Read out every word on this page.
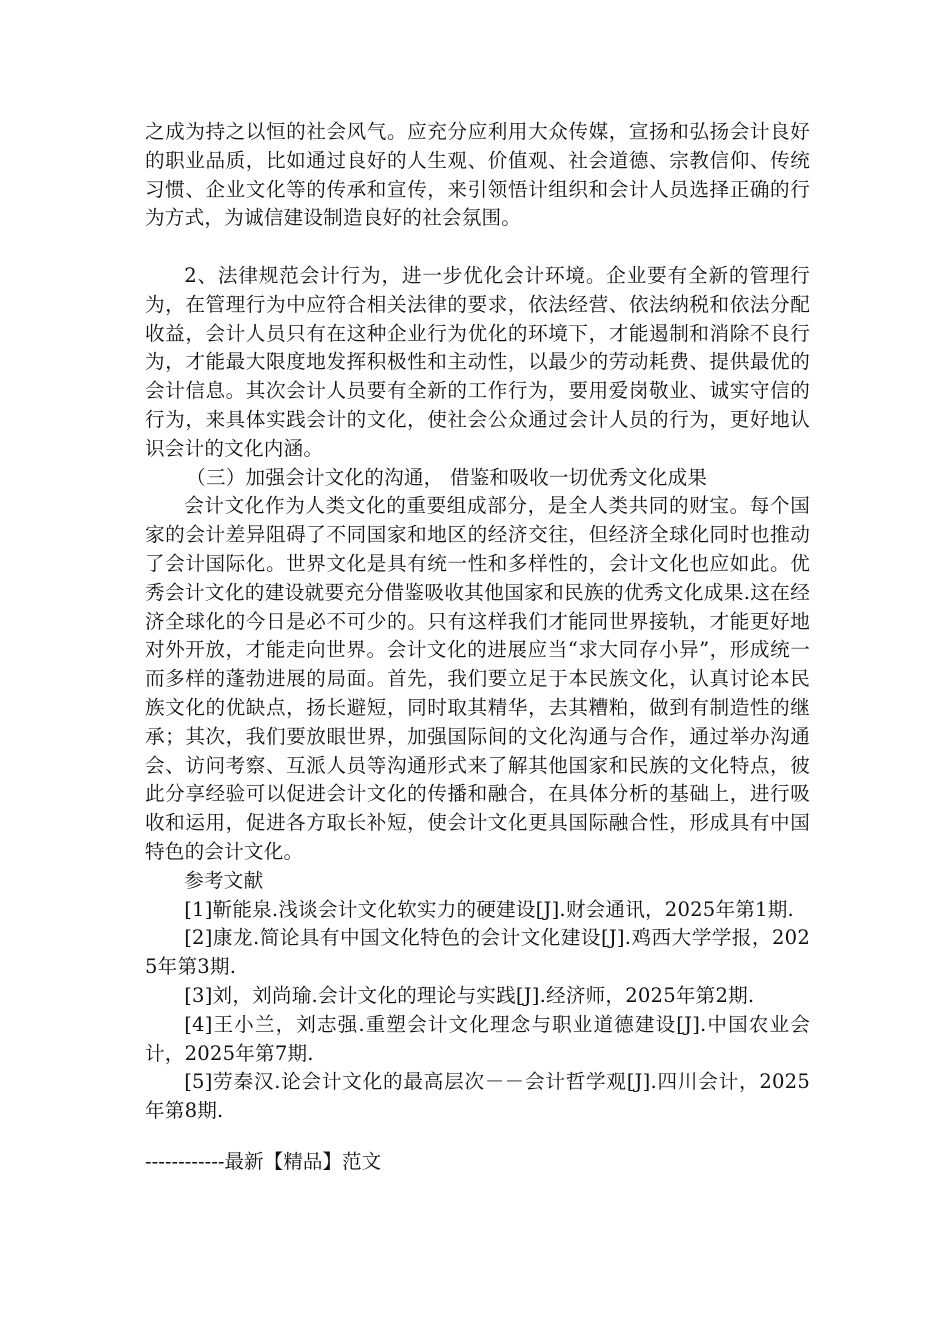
之成为持之以恒的社会风气。应充分应利用大众传媒，宣扬和弘扬会计良好的职业品质，比如通过良好的人生观、价值观、社会道德、宗教信仰、传统习惯、企业文化等的传承和宣传，来引领悟计组织和会计人员选择正确的行为方式，为诚信建设制造良好的社会氛围。

2、法律规范会计行为，进一步优化会计环境。企业要有全新的管理行为，在管理行为中应符合相关法律的要求，依法经营、依法纳税和依法分配收益，会计人员只有在这种企业行为优化的环境下，才能遏制和消除不良行为，才能最大限度地发挥积极性和主动性，以最少的劳动耗费、提供最优的会计信息。其次会计人员要有全新的工作行为，要用爱岗敬业、诚实守信的行为，来具体实践会计的文化，使社会公众通过会计人员的行为，更好地认识会计的文化内涵。

（三）加强会计文化的沟通， 借鉴和吸收一切优秀文化成果

会计文化作为人类文化的重要组成部分，是全人类共同的财宝。每个国家的会计差异阻碍了不同国家和地区的经济交往，但经济全球化同时也推动了会计国际化。世界文化是具有统一性和多样性的，会计文化也应如此。优秀会计文化的建设就要充分借鉴吸收其他国家和民族的优秀文化成果.这在经济全球化的今日是必不可少的。只有这样我们才能同世界接轨，才能更好地对外开放，才能走向世界。会计文化的进展应当“求大同存小异”，形成统一而多样的蓬勃进展的局面。首先，我们要立足于本民族文化，认真讨论本民族文化的优缺点，扬长避短，同时取其精华，去其糟粕，做到有制造性的继承；其次，我们要放眼世界，加强国际间的文化沟通与合作，通过举办沟通会、访问考察、互派人员等沟通形式来了解其他国家和民族的文化特点，彼此分享经验可以促进会计文化的传播和融合，在具体分析的基础上，进行吸收和运用，促进各方取长补短，使会计文化更具国际融合性，形成具有中国特色的会计文化。

参考文献

[1]靳能泉.浅谈会计文化软实力的硬建设[J].财会通讯，2025年第1期.

[2]康龙.简论具有中国文化特色的会计文化建设[J].鸡西大学学报，2025年第3期.

[3]刘，刘尚瑜.会计文化的理论与实践[J].经济师，2025年第2期.

[4]王小兰，刘志强.重塑会计文化理念与职业道德建设[J].中国农业会计，2025年第7期.

[5]劳秦汉.论会计文化的最高层次－－会计哲学观[J].四川会计，2025年第8期.

------------最新【精品】范文
